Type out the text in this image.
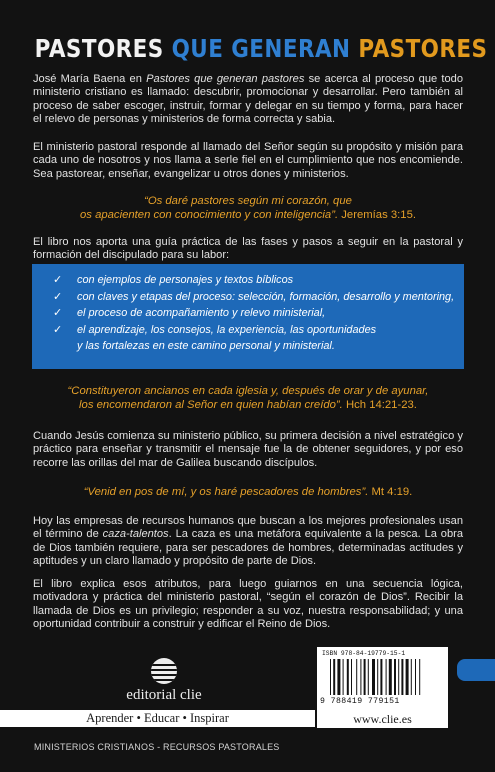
PASTORES QUE GENERAN PASTORES
José María Baena en Pastores que generan pastores se acerca al proceso que todo ministerio cristiano es llamado: descubrir, promocionar y desarrollar. Pero también al proceso de saber escoger, instruir, formar y delegar en su tiempo y forma, para hacer el relevo de personas y ministerios de forma correcta y sabia.
El ministerio pastoral responde al llamado del Señor según su propósito y misión para cada uno de nosotros y nos llama a serle fiel en el cumplimiento que nos encomiende. Sea pastorear, enseñar, evangelizar u otros dones y ministerios.
“Os daré pastores según mi corazón, que
os apacienten con conocimiento y con inteligencia”. Jeremías 3:15.
El libro nos aporta una guía práctica de las fases y pasos a seguir en la pastoral y formación del discipulado para su labor:
✓ con ejemplos de personajes y textos bíblicos
✓ con claves y etapas del proceso: selección, formación, desarrollo y mentoring,
✓ el proceso de acompañamiento y relevo ministerial,
✓ el aprendizaje, los consejos, la experiencia, las oportunidades
y las fortalezas en este camino personal y ministerial.
“Constituyeron ancianos en cada iglesia y, después de orar y de ayunar,
los encomendaron al Señor en quien habían creído”. Hch 14:21-23.
Cuando Jesús comienza su ministerio público, su primera decisión a nivel estratégico y práctico para enseñar y transmitir el mensaje fue la de obtener seguidores, y por eso recorre las orillas del mar de Galilea buscando discípulos.
“Venid en pos de mí, y os haré pescadores de hombres”. Mt 4:19.
Hoy las empresas de recursos humanos que buscan a los mejores profesionales usan el término de caza-talentos. La caza es una metáfora equivalente a la pesca. La obra de Dios también requiere, para ser pescadores de hombres, determinadas actitudes y aptitudes y un claro llamado y propósito de parte de Dios.
El libro explica esos atributos, para luego guiarnos en una secuencia lógica, motivadora y práctica del ministerio pastoral, “según el corazón de Dios”. Recibir la llamada de Dios es un privilegio; responder a su voz, nuestra responsabilidad; y una oportunidad contribuir a construir y edificar el Reino de Dios.
editorial clie
Aprender • Educar • Inspirar
ISBN 978-84-19779-15-1
9 788419 779151
www.clie.es
MINISTERIOS CRISTIANOS - RECURSOS PASTORALES
